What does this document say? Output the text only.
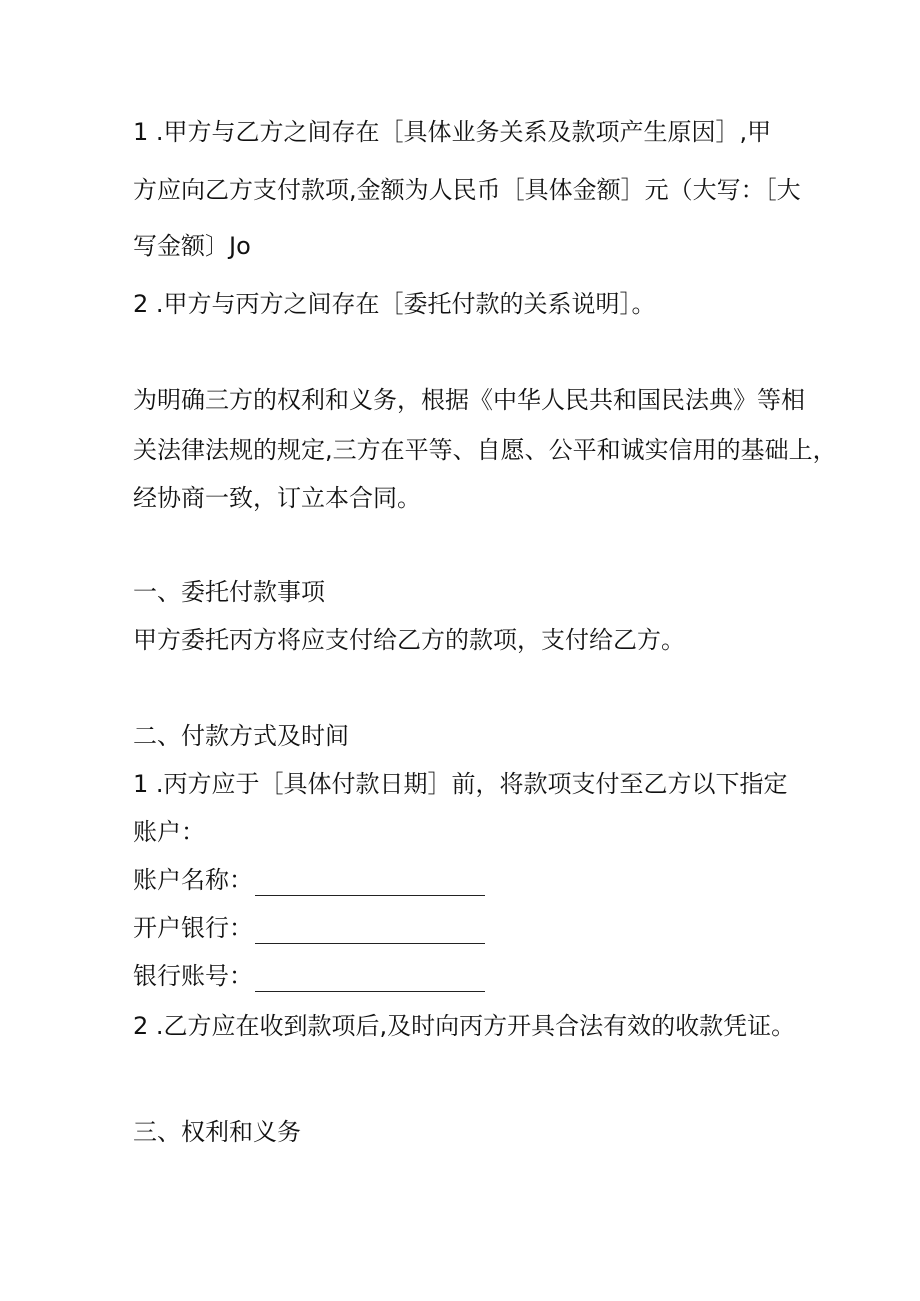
1 .甲方与乙方之间存在［具体业务关系及款项产生原因］,甲
方应向乙方支付款项,金额为人民币［具体金额］元（大写：［大
写金额〕Jo
2 .甲方与丙方之间存在［委托付款的关系说明］。
为明确三方的权利和义务，根据《中华人民共和国民法典》等相
关法律法规的规定,三方在平等、自愿、公平和诚实信用的基础上，
经协商一致，订立本合同。
一、委托付款事项
甲方委托丙方将应支付给乙方的款项，支付给乙方。
二、付款方式及时间
1 .丙方应于［具体付款日期］前，将款项支付至乙方以下指定
账户：
账户名称：
开户银行：
银行账号：
2 .乙方应在收到款项后,及时向丙方开具合法有效的收款凭证。
三、权利和义务
